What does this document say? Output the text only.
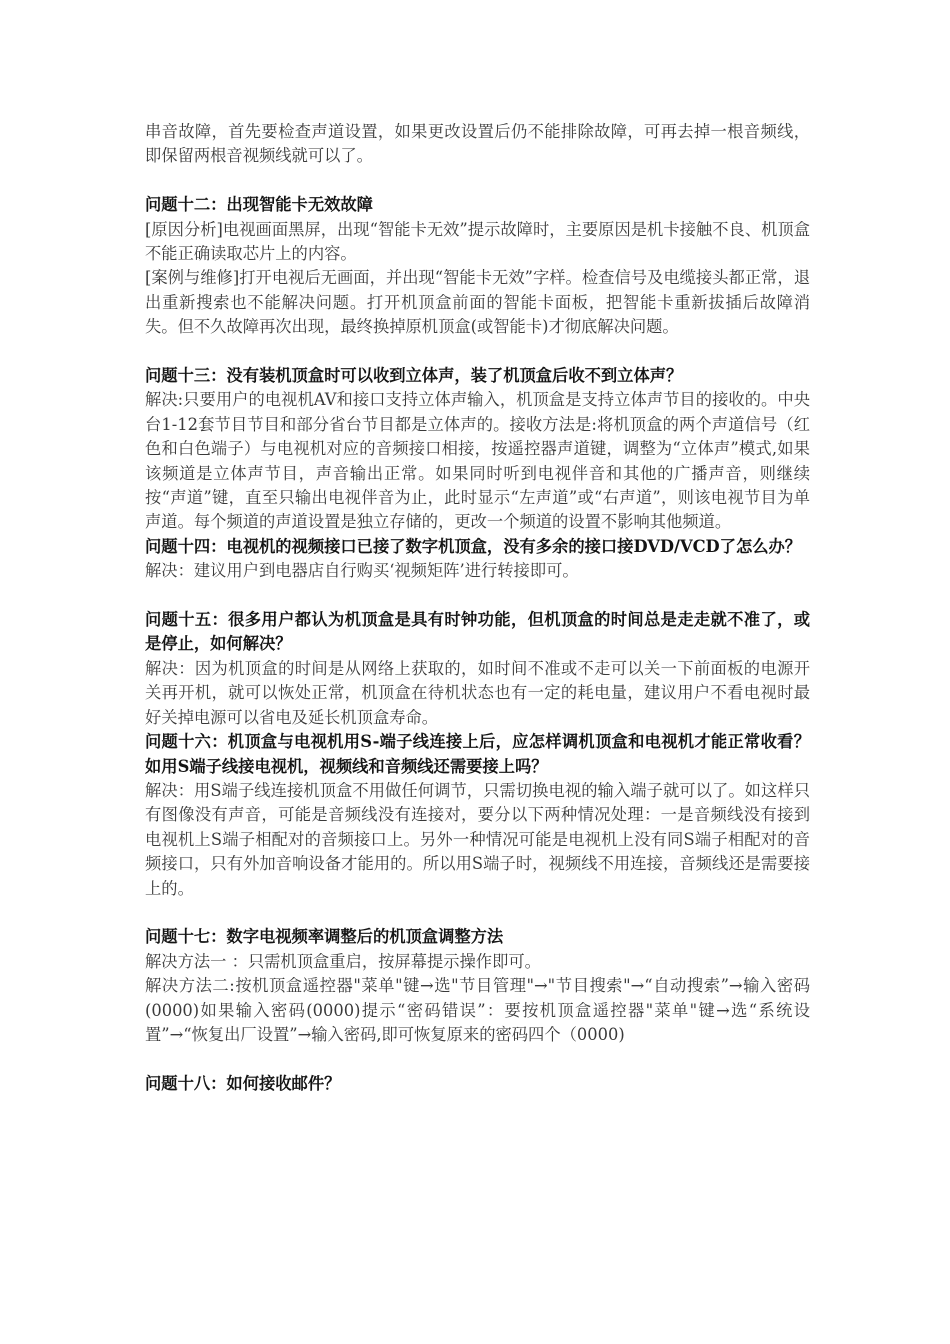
串音故障，首先要检查声道设置，如果更改设置后仍不能排除故障，可再去掉一根音频线，即保留两根音视频线就可以了。

问题十二：出现智能卡无效故障

[原因分析]电视画面黑屏，出现“智能卡无效”提示故障时，主要原因是机卡接触不良、机顶盒不能正确读取芯片上的内容。

[案例与维修]打开电视后无画面，并出现“智能卡无效”字样。检查信号及电缆接头都正常，退出重新搜索也不能解决问题。打开机顶盒前面的智能卡面板，把智能卡重新拔插后故障消失。但不久故障再次出现，最终换掉原机顶盒(或智能卡)才彻底解决问题。

问题十三：没有装机顶盒时可以收到立体声，装了机顶盒后收不到立体声？

解决:只要用户的电视机AV和接口支持立体声输入，机顶盒是支持立体声节目的接收的。中央台1-12套节目节目和部分省台节目都是立体声的。接收方法是:将机顶盒的两个声道信号（红色和白色端子）与电视机对应的音频接口相接，按遥控器声道键，调整为“立体声”模式,如果该频道是立体声节目，声音输出正常。如果同时听到电视伴音和其他的广播声音，则继续按“声道”键，直至只输出电视伴音为止，此时显示“左声道”或“右声道”，则该电视节目为单声道。每个频道的声道设置是独立存储的，更改一个频道的设置不影响其他频道。

问题十四：电视机的视频接口已接了数字机顶盒，没有多余的接口接DVD/VCD了怎么办？

解决：建议用户到电器店自行购买‘视频矩阵’进行转接即可。

问题十五：很多用户都认为机顶盒是具有时钟功能，但机顶盒的时间总是走走就不准了，或是停止，如何解决？

解决：因为机顶盒的时间是从网络上获取的，如时间不准或不走可以关一下前面板的电源开关再开机，就可以恢处正常，机顶盒在待机状态也有一定的耗电量，建议用户不看电视时最好关掉电源可以省电及延长机顶盒寿命。

问题十六：机顶盒与电视机用S-端子线连接上后，应怎样调机顶盒和电视机才能正常收看？如用S端子线接电视机，视频线和音频线还需要接上吗？

解决：用S端子线连接机顶盒不用做任何调节，只需切换电视的输入端子就可以了。如这样只有图像没有声音，可能是音频线没有连接对，要分以下两种情况处理：一是音频线没有接到电视机上S端子相配对的音频接口上。另外一种情况可能是电视机上没有同S端子相配对的音频接口，只有外加音响设备才能用的。所以用S端子时，视频线不用连接，音频线还是需要接上的。

问题十七：数字电视频率调整后的机顶盒调整方法

解决方法一 ：只需机顶盒重启，按屏幕提示操作即可。

解决方法二:按机顶盒遥控器"菜单"键→选"节目管理"→"节目搜索"→“自动搜索”→输入密码(0000)如果输入密码(0000)提示“密码错误”：要按机顶盒遥控器"菜单"键→选“系统设置”→“恢复出厂设置”→输入密码,即可恢复原来的密码四个（0000)

问题十八：如何接收邮件？
